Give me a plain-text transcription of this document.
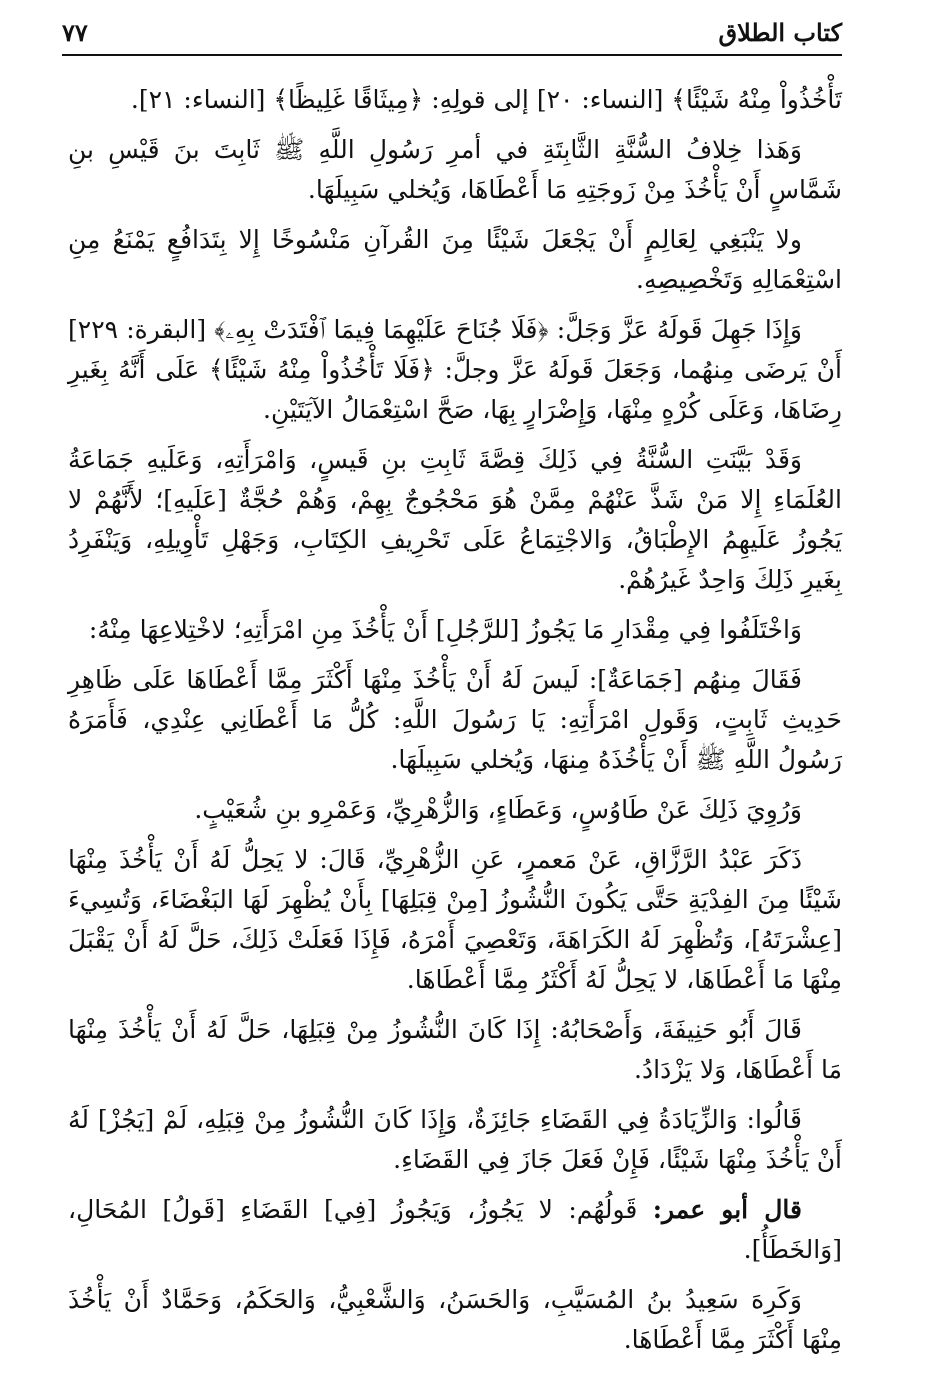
كتاب الطلاق
٧٧

تَأْخُذُواْ مِنْهُ شَيْئًا﴾ [النساء: ٢٠] إلى قولِهِ: ﴿مِيثَاقًا غَلِيظًا﴾ [النساء: ٢١].

وَهَذا خِلافُ السُّنَّةِ الثَّابِتَةِ في أمرِ رَسُولِ اللَّهِ ﷺ ثَابِتَ بنَ قَيْسِ بنِ شَمَّاسٍ أَنْ يَأْخُذَ مِنْ زَوجَتِهِ مَا أَعْطَاهَا، وَيُخلي سَبِيلَهَا.

ولا يَنْبَغِي لِعَالِمٍ أَنْ يَجْعَلَ شَيْئًا مِنَ القُرآنِ مَنْسُوخًا إِلا بِتَدَافُعٍ يَمْنَعُ مِنِ اسْتِعْمَالِهِ وَتَخْصِيصِهِ.

وَإِذَا جَهِلَ قَولَهُ عَزَّ وَجَلَّ: ﴿فَلَا جُنَاحَ عَلَيْهِمَا فِيمَا ٱفْتَدَتْ بِهِۦ﴾ [البقرة: ٢٢٩] أَنْ يَرضَى مِنهُما، وَجَعَلَ قَولَهُ عَزَّ وجلَّ: ﴿فَلَا تَأْخُذُواْ مِنْهُ شَيْئًا﴾ عَلَى أَنَّهُ بِغَيرِ رِضَاهَا، وَعَلَى كُرْهٍ مِنْهَا، وَإِضْرَارٍ بِهَا، صَحَّ اسْتِعْمَالُ الآيَتَيْنِ.

وَقَدْ بَيَّنَتِ السُّنَّةُ فِي ذَلِكَ قِصَّةَ ثَابِتِ بنِ قَيسٍ، وَامْرَأَتِهِ، وَعَلَيهِ جَمَاعَةُ العُلَمَاءِ إِلا مَنْ شَذَّ عَنْهُمْ مِمَّنْ هُوَ مَحْجُوجٌ بِهِمْ، وَهُمْ حُجَّةٌ [عَلَيهِ]؛ لأَنَّهُمْ لا يَجُوزُ عَلَيهِمُ الإِطْبَاقُ، وَالاجْتِمَاعُ عَلَى تَحْرِيفِ الكِتَابِ، وَجَهْلِ تَأْوِيلِهِ، وَيَنْفَرِدُ بِغَيرِ ذَلِكَ وَاحِدٌ غَيرُهُمْ.

وَاخْتَلَفُوا فِي مِقْدَارِ مَا يَجُوزُ [للرَّجُلِ] أَنْ يَأْخُذَ مِنِ امْرَأَتِهِ؛ لاخْتِلاعِهَا مِنْهُ:

فَقَالَ مِنهُم [جَمَاعَةٌ]: لَيسَ لَهُ أَنْ يَأْخُذَ مِنْهَا أَكْثَرَ مِمَّا أَعْطَاهَا عَلَى ظَاهِرِ حَدِيثِ ثَابِتٍ، وَقَولِ امْرَأَتِهِ: يَا رَسُولَ اللَّهِ: كُلُّ مَا أَعْطَانِي عِنْدِي، فَأَمَرَهُ رَسُولُ اللَّهِ ﷺ أَنْ يَأْخُذَهُ مِنهَا، وَيُخلي سَبِيلَهَا.

وَرُوِيَ ذَلِكَ عَنْ طَاوُسٍ، وَعَطَاءٍ، وَالزُّهْرِيِّ، وَعَمْرِو بنِ شُعَيْبٍ.

ذَكَرَ عَبْدُ الرَّزَّاقِ، عَنْ مَعمرٍ، عَنِ الزُّهْرِيِّ، قَالَ: لا يَحِلُّ لَهُ أَنْ يَأْخُذَ مِنْهَا شَيْئًا مِنَ الفِدْيَةِ حَتَّى يَكُونَ النُّشُوزُ [مِنْ قِبَلِهَا] بِأَنْ يُظْهِرَ لَهَا البَغْضَاءَ، وَتُسِيءَ [عِشْرَتَهُ]، وَتُظْهِرَ لَهُ الكَرَاهَةَ، وَتَعْصِيَ أَمْرَهُ، فَإِذَا فَعَلَتْ ذَلِكَ، حَلَّ لَهُ أَنْ يَقْبَلَ مِنْهَا مَا أَعْطَاهَا، لا يَحِلُّ لَهُ أَكْثَرُ مِمَّا أَعْطَاهَا.

قَالَ أَبُو حَنِيفَةَ، وَأَصْحَابُهُ: إِذَا كَانَ النُّشُوزُ مِنْ قِبَلِهَا، حَلَّ لَهُ أَنْ يَأْخُذَ مِنْهَا مَا أَعْطَاهَا، وَلا يَزْدَادُ.

قَالُوا: وَالزِّيَادَةُ فِي القَضَاءِ جَائِزَةٌ، وَإِذَا كَانَ النُّشُوزُ مِنْ قِبَلِهِ، لَمْ [يَجُزْ] لَهُ أَنْ يَأْخُذَ مِنْهَا شَيْئًا، فَإِنْ فَعَلَ جَازَ فِي القَضَاءِ.

قال أبو عمر: قَولُهُم: لا يَجُوزُ، وَيَجُوزُ [فِي] القَضَاءِ [قَولُ] المُحَالِ، [وَالخَطَأُ].

وَكَرِهَ سَعِيدُ بنُ المُسَيَّبِ، وَالحَسَنُ، وَالشَّعْبِيُّ، وَالحَكَمُ، وَحَمَّادٌ أَنْ يَأْخُذَ مِنْهَا أَكْثَرَ مِمَّا أَعْطَاهَا.
